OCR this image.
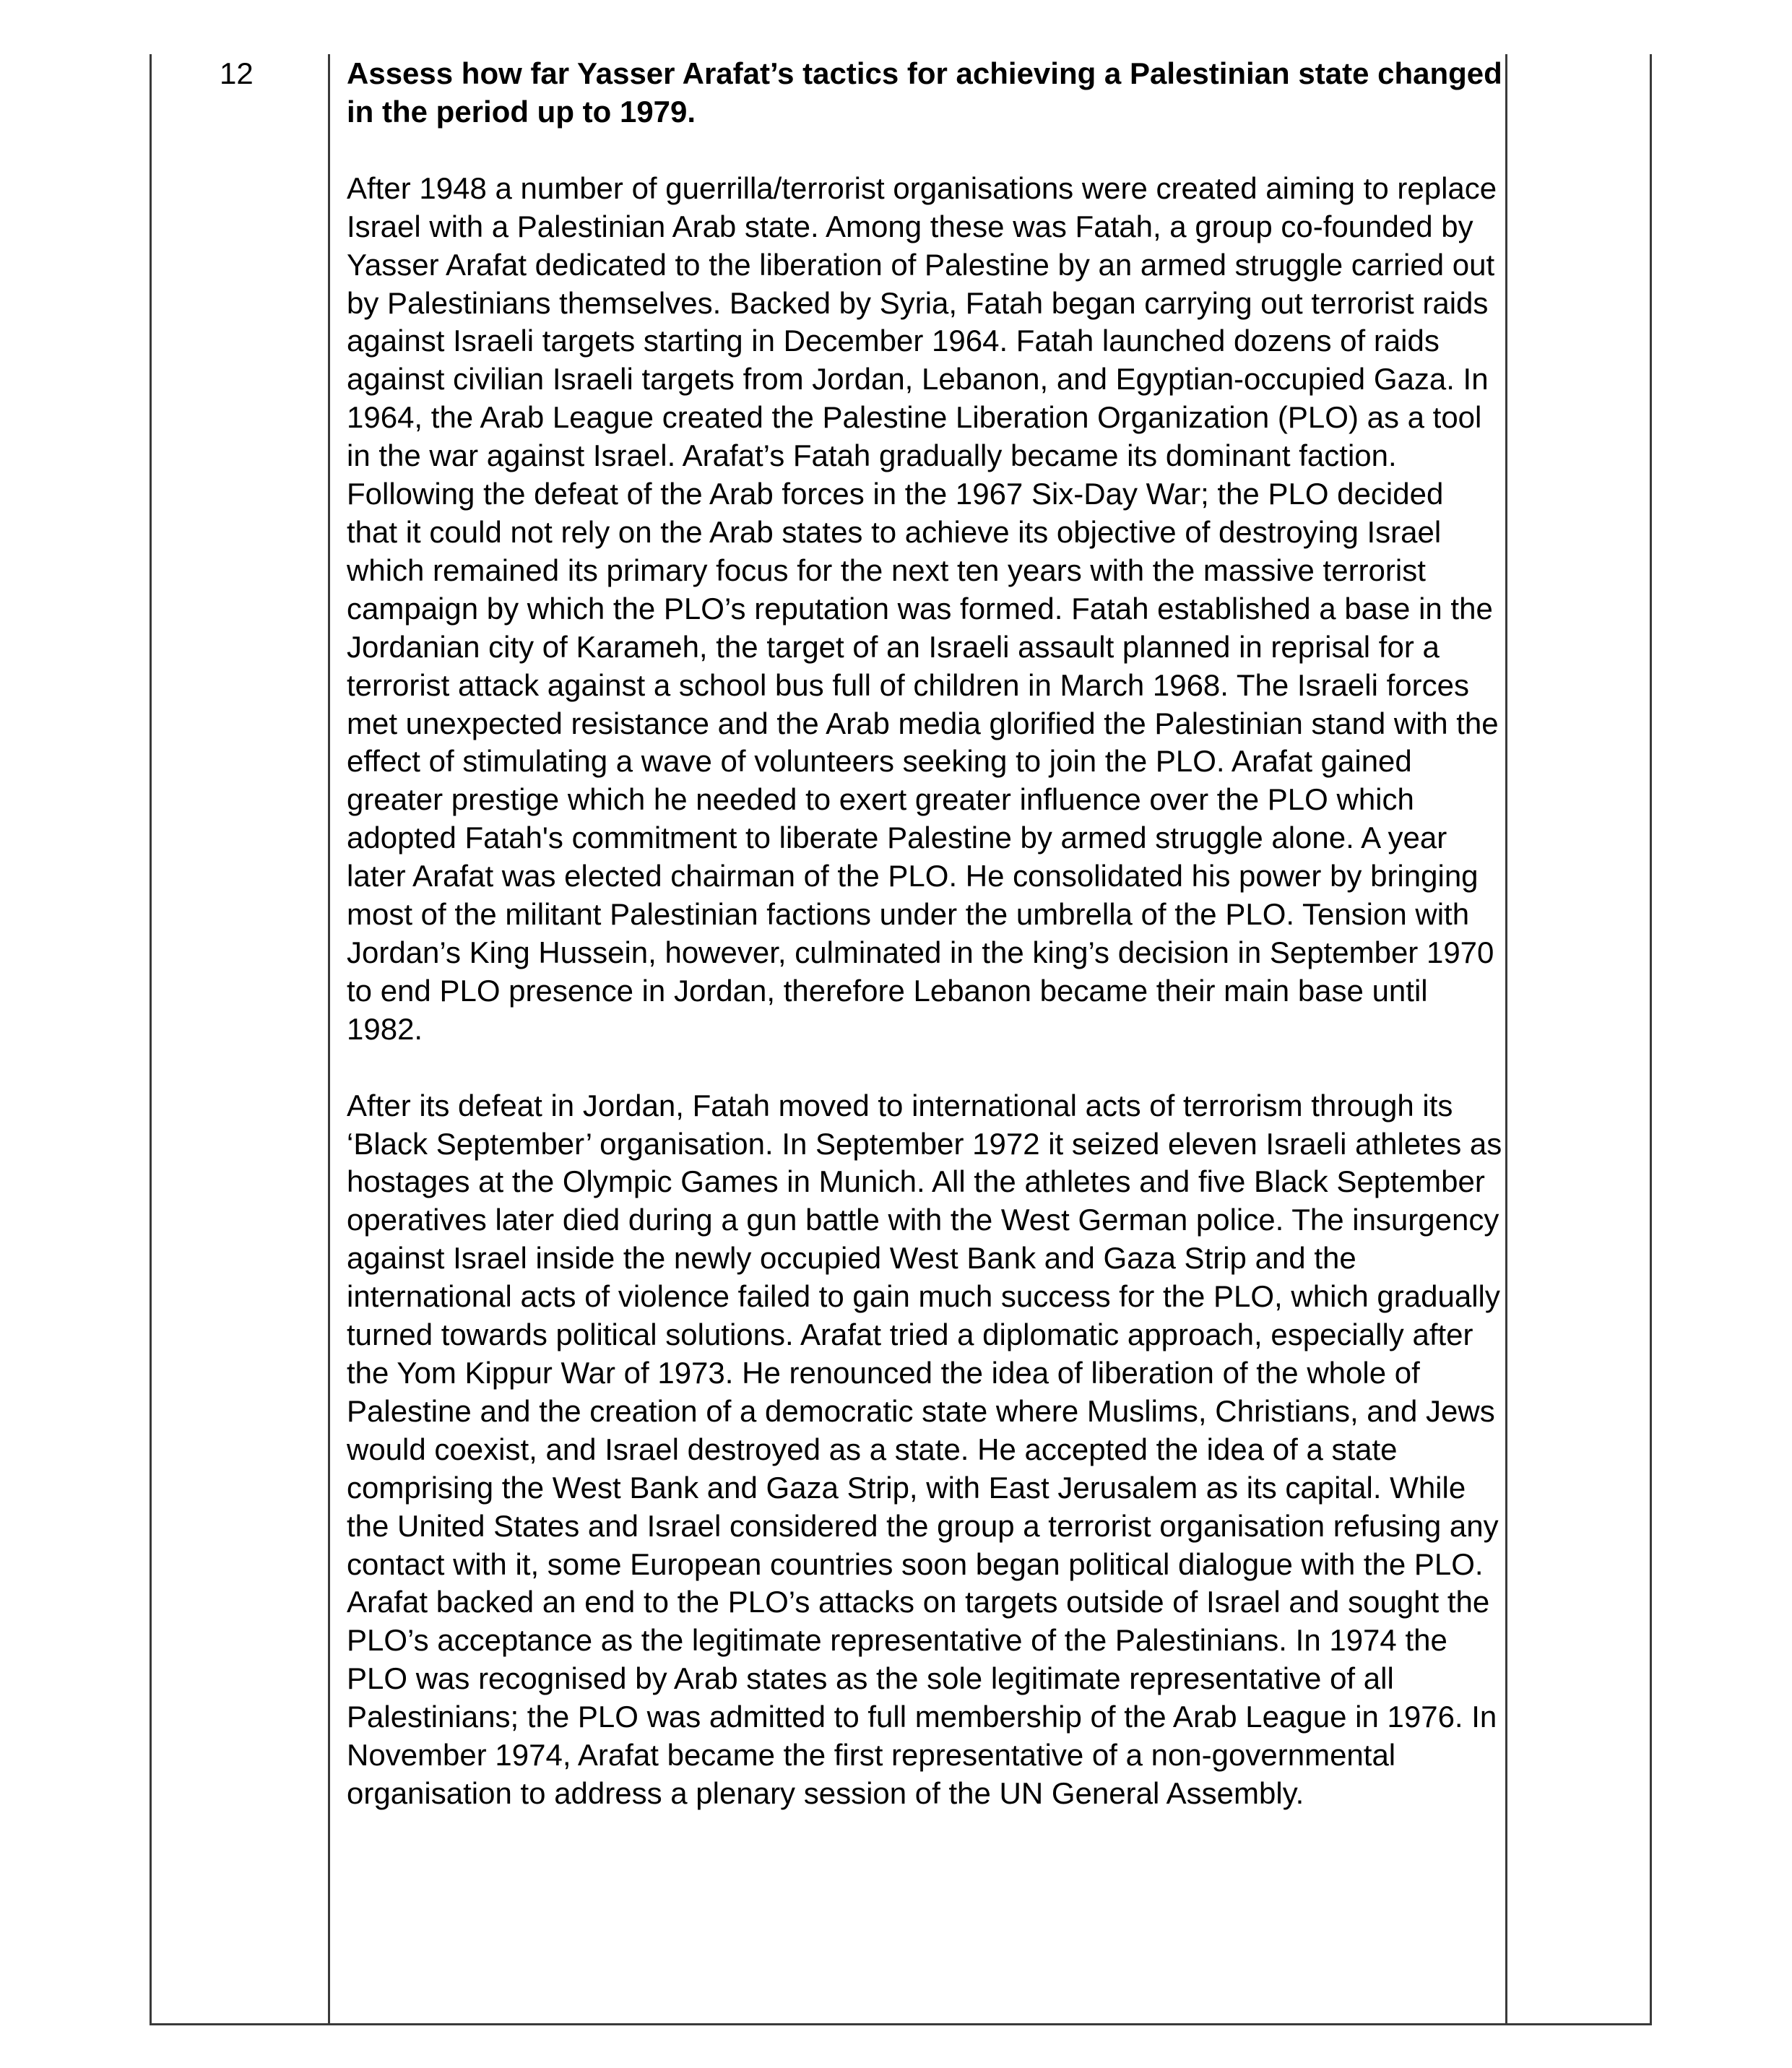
12	Assess how far Yasser Arafat’s tactics for achieving a Palestinian state changed in the period up to 1979.

After 1948 a number of guerrilla/terrorist organisations were created aiming to replace Israel with a Palestinian Arab state. Among these was Fatah, a group co-founded by Yasser Arafat dedicated to the liberation of Palestine by an armed struggle carried out by Palestinians themselves. Backed by Syria, Fatah began carrying out terrorist raids against Israeli targets starting in December 1964. Fatah launched dozens of raids against civilian Israeli targets from Jordan, Lebanon, and Egyptian-occupied Gaza. In 1964, the Arab League created the Palestine Liberation Organization (PLO) as a tool in the war against Israel. Arafat’s Fatah gradually became its dominant faction. Following the defeat of the Arab forces in the 1967 Six-Day War; the PLO decided that it could not rely on the Arab states to achieve its objective of destroying Israel which remained its primary focus for the next ten years with the massive terrorist campaign by which the PLO’s reputation was formed. Fatah established a base in the Jordanian city of Karameh, the target of an Israeli assault planned in reprisal for a terrorist attack against a school bus full of children in March 1968. The Israeli forces met unexpected resistance and the Arab media glorified the Palestinian stand with the effect of stimulating a wave of volunteers seeking to join the PLO. Arafat gained greater prestige which he needed to exert greater influence over the PLO which adopted Fatah's commitment to liberate Palestine by armed struggle alone. A year later Arafat was elected chairman of the PLO. He consolidated his power by bringing most of the militant Palestinian factions under the umbrella of the PLO. Tension with Jordan’s King Hussein, however, culminated in the king’s decision in September 1970 to end PLO presence in Jordan, therefore Lebanon became their main base until 1982.

After its defeat in Jordan, Fatah moved to international acts of terrorism through its ‘Black September’ organisation. In September 1972 it seized eleven Israeli athletes as hostages at the Olympic Games in Munich. All the athletes and five Black September operatives later died during a gun battle with the West German police. The insurgency against Israel inside the newly occupied West Bank and Gaza Strip and the international acts of violence failed to gain much success for the PLO, which gradually turned towards political solutions. Arafat tried a diplomatic approach, especially after the Yom Kippur War of 1973. He renounced the idea of liberation of the whole of Palestine and the creation of a democratic state where Muslims, Christians, and Jews would coexist, and Israel destroyed as a state. He accepted the idea of a state comprising the West Bank and Gaza Strip, with East Jerusalem as its capital. While the United States and Israel considered the group a terrorist organisation refusing any contact with it, some European countries soon began political dialogue with the PLO. Arafat backed an end to the PLO’s attacks on targets outside of Israel and sought the PLO’s acceptance as the legitimate representative of the Palestinians. In 1974 the PLO was recognised by Arab states as the sole legitimate representative of all Palestinians; the PLO was admitted to full membership of the Arab League in 1976. In November 1974, Arafat became the first representative of a non-governmental organisation to address a plenary session of the UN General Assembly.
